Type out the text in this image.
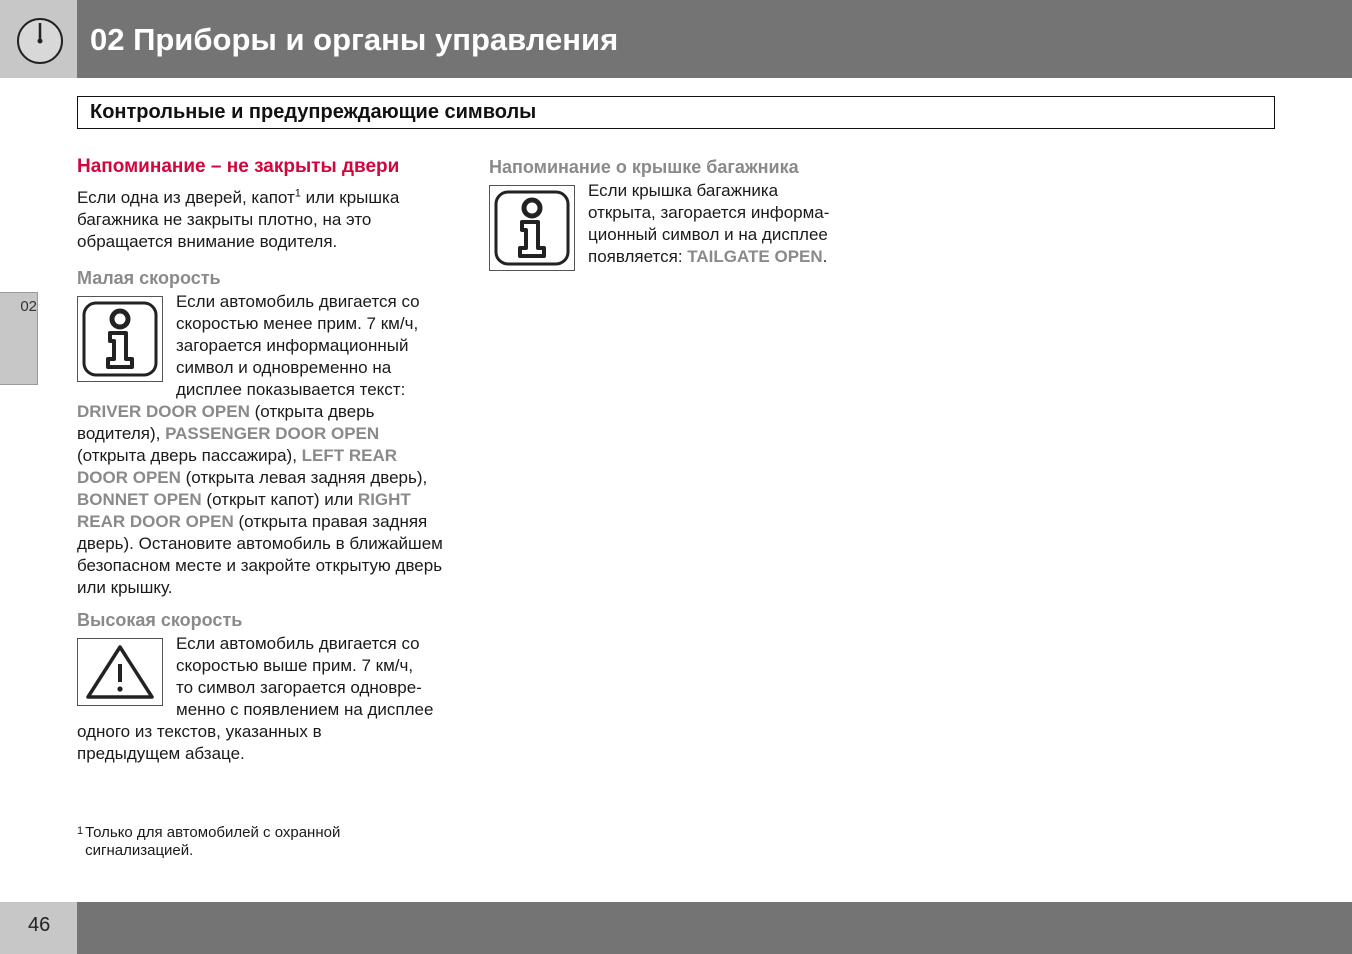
02 Приборы и органы управления
Контрольные и предупреждающие символы
02
Напоминание – не закрыты двери
Если одна из дверей, капот$^1$ или крышка багажника не закрыты плотно, на это обращается внимание водителя.
Малая скорость
Если автомобиль двигается со
скоростью менее прим. 7 км/ч,
загорается информационный
символ и одновременно на
дисплее показывается текст:
DRIVER DOOR OPEN (открыта дверь водителя), PASSENGER DOOR OPEN (открыта дверь пассажира), LEFT REAR DOOR OPEN (открыта левая задняя дверь), BONNET OPEN (открыт капот) или RIGHT REAR DOOR OPEN (открыта правая задняя дверь). Остановите автомобиль в ближайшем безопасном месте и закройте открытую дверь или крышку.
Высокая скорость
Если автомобиль двигается со
скоростью выше прим. 7 км/ч,
то символ загорается одновре-
менно с появлением на дисплее
одного из текстов, указанных в предыдущем абзаце.
Напоминание о крышке багажника
Если крышка багажника
открыта, загорается информа-
ционный символ и на дисплее
появляется: TAILGATE OPEN.
1 Только для автомобилей с охранной сигнализацией.
46
